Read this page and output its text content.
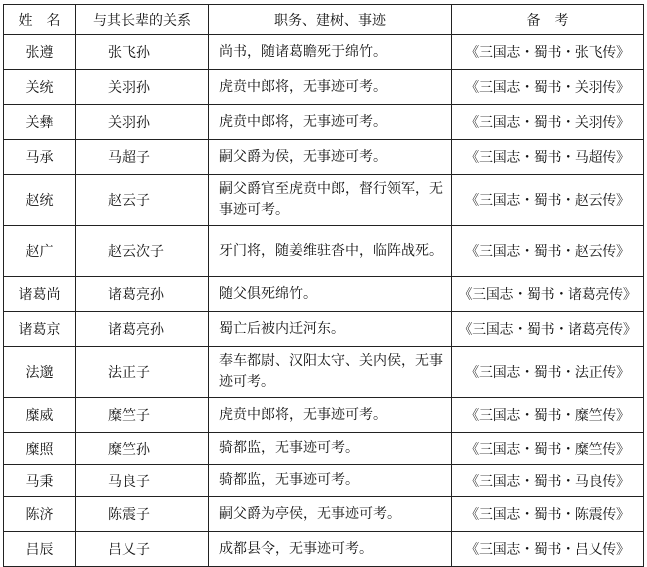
姓　名	与其长辈的关系	职务、建树、事迹	备　考
张遵	张飞孙	尚书，随诸葛瞻死于绵竹。	《三国志・蜀书・张飞传》
关统	关羽孙	虎贲中郎将，无事迹可考。	《三国志・蜀书・关羽传》
关彝	关羽孙	虎贲中郎将，无事迹可考。	《三国志・蜀书・关羽传》
马承	马超子	嗣父爵为侯，无事迹可考。	《三国志・蜀书・马超传》
赵统	赵云子	嗣父爵官至虎贲中郎，督行领军，无事迹可考。	《三国志・蜀书・赵云传》
赵广	赵云次子	牙门将，随姜维驻沓中，临阵战死。	《三国志・蜀书・赵云传》
诸葛尚	诸葛亮孙	随父俱死绵竹。	《三国志・蜀书・诸葛亮传》
诸葛京	诸葛亮孙	蜀亡后被内迁河东。	《三国志・蜀书・诸葛亮传》
法邈	法正子	奉车都尉、汉阳太守、关内侯，无事迹可考。	《三国志・蜀书・法正传》
糜威	糜竺子	虎贲中郎将，无事迹可考。	《三国志・蜀书・糜竺传》
糜照	糜竺孙	骑都监，无事迹可考。	《三国志・蜀书・糜竺传》
马秉	马良子	骑都监，无事迹可考。	《三国志・蜀书・马良传》
陈济	陈震子	嗣父爵为亭侯，无事迹可考。	《三国志・蜀书・陈震传》
吕辰	吕乂子	成都县令，无事迹可考。	《三国志・蜀书・吕乂传》
